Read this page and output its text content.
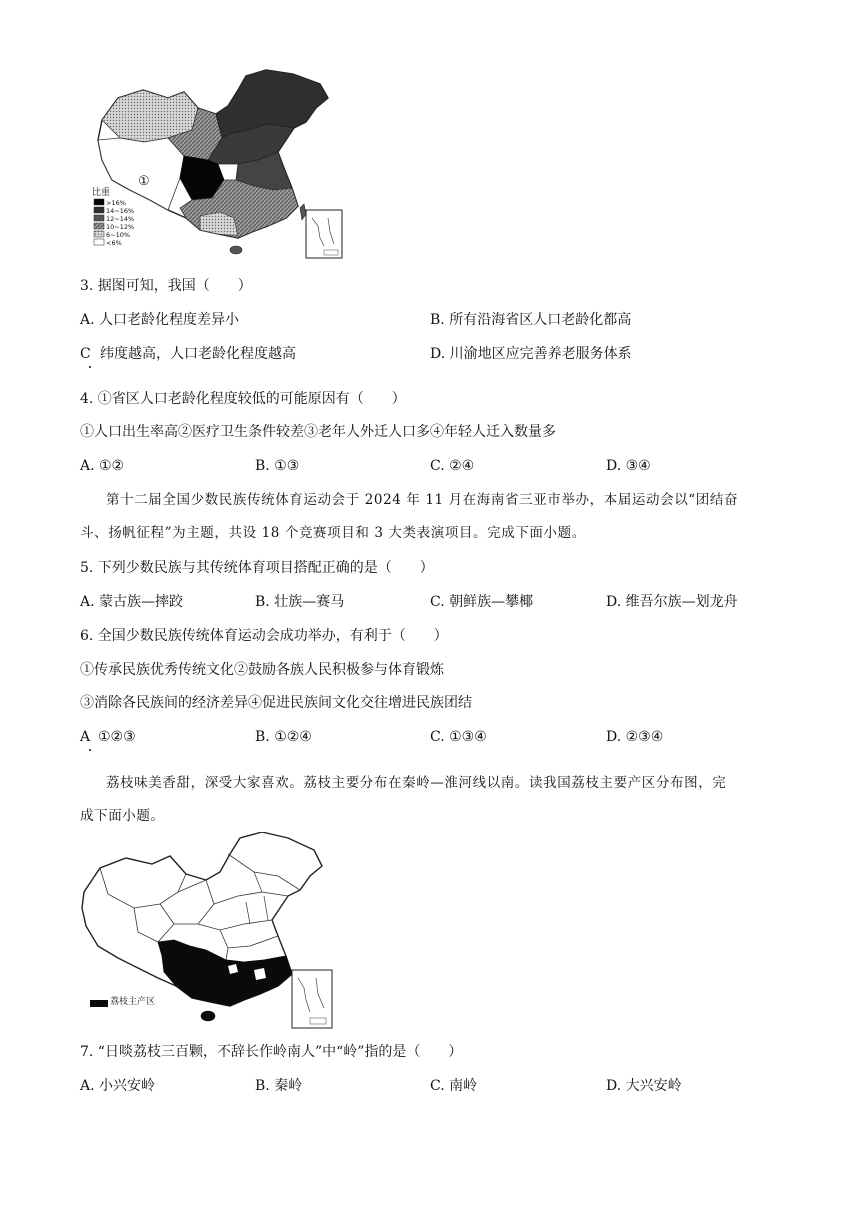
①
比重
>16%
14~16%
12~14%
10~12%
6~10%
<6%
3. 据图可知，我国（　　）
A. 人口老龄化程度差异小	B. 所有沿海省区人口老龄化都高
C 纬度越高，人口老龄化程度越高	D. 川渝地区应完善养老服务体系
4. ①省区人口老龄化程度较低的可能原因有（　　）
①人口出生率高②医疗卫生条件较差③老年人外迁人口多④年轻人迁入数量多
A. ①②	B. ①③	C. ②④	D. ③④
第十二届全国少数民族传统体育运动会于 2024 年 11 月在海南省三亚市举办，本届运动会以“团结奋
斗、扬帆征程”为主题，共设 18 个竞赛项目和 3 大类表演项目。完成下面小题。
5. 下列少数民族与其传统体育项目搭配正确的是（　　）
A. 蒙古族—摔跤	B. 壮族—赛马	C. 朝鲜族—攀椰	D. 维吾尔族—划龙舟
6. 全国少数民族传统体育运动会成功举办，有利于（　　）
①传承民族优秀传统文化②鼓励各族人民积极参与体育锻炼
③消除各民族间的经济差异④促进民族间文化交往增进民族团结
A ①②③	B. ①②④	C. ①③④	D. ②③④
荔枝味美香甜，深受大家喜欢。荔枝主要分布在秦岭—淮河线以南。读我国荔枝主要产区分布图，完
成下面小题。
荔枝主产区
7. “日啖荔枝三百颗，不辞长作岭南人”中“岭”指的是（　　）
A. 小兴安岭	B. 秦岭	C. 南岭	D. 大兴安岭
